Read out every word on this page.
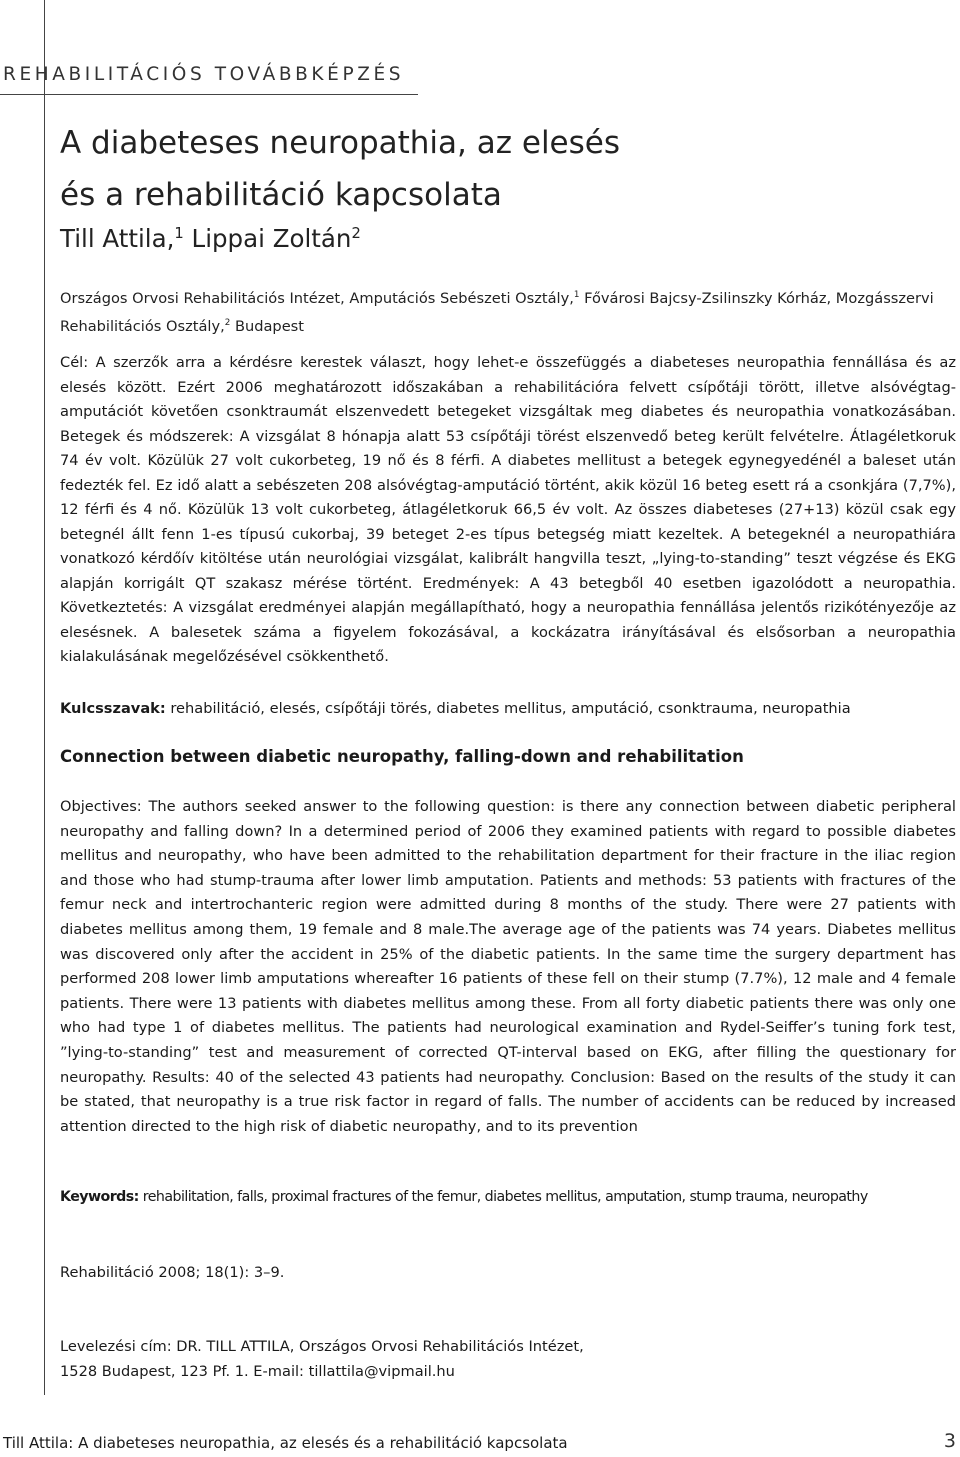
REHABILITÁCIÓS TOVÁBBKÉPZÉS

A diabeteses neuropathia, az elesés
és a rehabilitáció kapcsolata

Till Attila,$^1$ Lippai Zoltán$^2$

Országos Orvosi Rehabilitációs Intézet, Amputációs Sebészeti Osztály,$^1$ Fővárosi Bajcsy-Zsilinszky Kórház, Mozgásszervi Rehabilitációs Osztály,$^2$ Budapest

Cél: A szerzők arra a kérdésre kerestek választ, hogy lehet-e összefüggés a diabeteses neuropathia fennállása és az elesés között. Ezért 2006 meghatározott időszakában a rehabilitációra felvett csípőtáji törött, illetve alsóvégtag-amputációt követően csonktraumát elszenvedett betegeket vizsgáltak meg diabetes és neuropathia vonatkozásában. Betegek és módszerek: A vizsgálat 8 hónapja alatt 53 csípőtáji törést elszenvedő beteg került felvételre. Átlagéletkoruk 74 év volt. Közülük 27 volt cukorbeteg, 19 nő és 8 férfi. A diabetes mellitust a betegek egynegyedénél a baleset után fedezték fel. Ez idő alatt a sebészeten 208 alsóvégtag-amputáció történt, akik közül 16 beteg esett rá a csonkjára (7,7%), 12 férfi és 4 nő. Közülük 13 volt cukorbeteg, átlagéletkoruk 66,5 év volt. Az összes diabeteses (27+13) közül csak egy betegnél állt fenn 1-es típusú cukorbaj, 39 beteget 2-es típus betegség miatt kezeltek. A betegeknél a neuropathiára vonatkozó kérdőív kitöltése után neurológiai vizsgálat, kalibrált hangvilla teszt, „lying-to-standing” teszt végzése és EKG alapján korrigált QT szakasz mérése történt. Eredmények: A 43 betegből 40 esetben igazolódott a neuropathia. Következtetés: A vizsgálat eredményei alapján megállapítható, hogy a neuropathia fennállása jelentős rizikótényezője az elesésnek. A balesetek száma a figyelem fokozásával, a kockázatra irányításával és elsősorban a neuropathia kialakulásának megelőzésével csökkenthető.

Kulcsszavak: rehabilitáció, elesés, csípőtáji törés, diabetes mellitus, amputáció, csonktrauma, neuropathia

Connection between diabetic neuropathy, falling-down and rehabilitation

Objectives: The authors seeked answer to the following question: is there any connection between diabetic peripheral neuropathy and falling down? In a determined period of 2006 they examined patients with regard to possible diabetes mellitus and neuropathy, who have been admitted to the rehabilitation department for their fracture in the iliac region and those who had stump-trauma after lower limb amputation. Patients and methods: 53 patients with fractures of the femur neck and intertrochanteric region were admitted during 8 months of the study. There were 27 patients with diabetes mellitus among them, 19 female and 8 male.The average age of the patients was 74 years. Diabetes mellitus was discovered only after the accident in 25% of the diabetic patients. In the same time the surgery department has performed 208 lower limb amputations whereafter 16 patients of these fell on their stump (7.7%), 12 male and 4 female patients. There were 13 patients with diabetes mellitus among these. From all forty diabetic patients there was only one who had type 1 of diabetes mellitus. The patients had neurological examination and Rydel-Seiffer’s tuning fork test, ”lying-to-standing” test and measurement of corrected QT-interval based on EKG, after filling the questionary for neuropathy. Results: 40 of the selected 43 patients had neuropathy. Conclusion: Based on the results of the study it can be stated, that neuropathy is a true risk factor in regard of falls. The number of accidents can be reduced by increased attention directed to the high risk of diabetic neuropathy, and to its prevention

Keywords: rehabilitation, falls, proximal fractures of the femur, diabetes mellitus, amputation, stump trauma, neuropathy

Rehabilitáció 2008; 18(1): 3–9.

Levelezési cím: DR. TILL ATTILA, Országos Orvosi Rehabilitációs Intézet,
1528 Budapest, 123 Pf. 1. E-mail: tillattila@vipmail.hu

Till Attila: A diabeteses neuropathia, az elesés és a rehabilitáció kapcsolata	3
